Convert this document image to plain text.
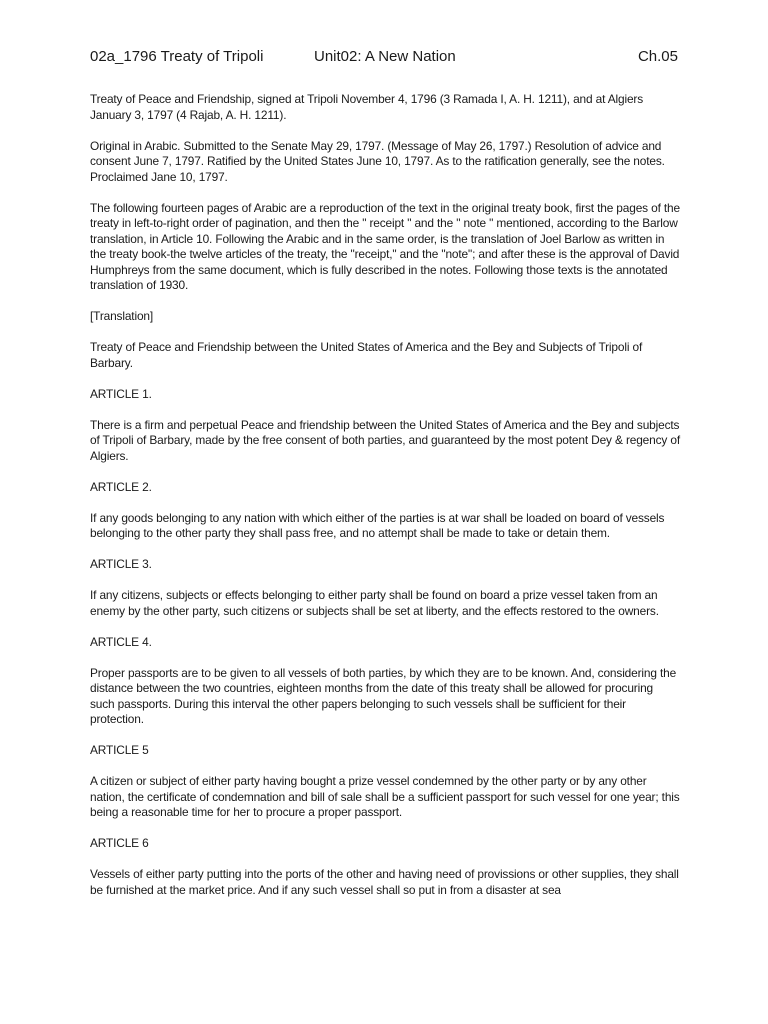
02a_1796 Treaty of Tripoli	Unit02: A New Nation	Ch.05

Treaty of Peace and Friendship, signed at Tripoli November 4, 1796 (3 Ramada I, A. H. 1211), and at Algiers January 3, 1797 (4 Rajab, A. H. 1211).

Original in Arabic. Submitted to the Senate May 29, 1797. (Message of May 26, 1797.) Resolution of advice and consent June 7, 1797. Ratified by the United States June 10, 1797. As to the ratification generally, see the notes. Proclaimed Jane 10, 1797.

The following fourteen pages of Arabic are a reproduction of the text in the original treaty book, first the pages of the treaty in left-to-right order of pagination, and then the " receipt " and the " note " mentioned, according to the Barlow translation, in Article 10. Following the Arabic and in the same order, is the translation of Joel Barlow as written in the treaty book-the twelve articles of the treaty, the "receipt," and the "note"; and after these is the approval of David Humphreys from the same document, which is fully described in the notes. Following those texts is the annotated translation of 1930.

[Translation]

Treaty of Peace and Friendship between the United States of America and the Bey and Subjects of Tripoli of Barbary.

ARTICLE 1.

There is a firm and perpetual Peace and friendship between the United States of America and the Bey and subjects of Tripoli of Barbary, made by the free consent of both parties, and guaranteed by the most potent Dey & regency of Algiers.

ARTICLE 2.

If any goods belonging to any nation with which either of the parties is at war shall be loaded on board of vessels belonging to the other party they shall pass free, and no attempt shall be made to take or detain them.

ARTICLE 3.

If any citizens, subjects or effects belonging to either party shall be found on board a prize vessel taken from an enemy by the other party, such citizens or subjects shall be set at liberty, and the effects restored to the owners.

ARTICLE 4.

Proper passports are to be given to all vessels of both parties, by which they are to be known. And, considering the distance between the two countries, eighteen months from the date of this treaty shall be allowed for procuring such passports. During this interval the other papers belonging to such vessels shall be sufficient for their protection.

ARTICLE 5

A citizen or subject of either party having bought a prize vessel condemned by the other party or by any other nation, the certificate of condemnation and bill of sale shall be a sufficient passport for such vessel for one year; this being a reasonable time for her to procure a proper passport.

ARTICLE 6

Vessels of either party putting into the ports of the other and having need of provissions or other supplies, they shall be furnished at the market price. And if any such vessel shall so put in from a disaster at sea
